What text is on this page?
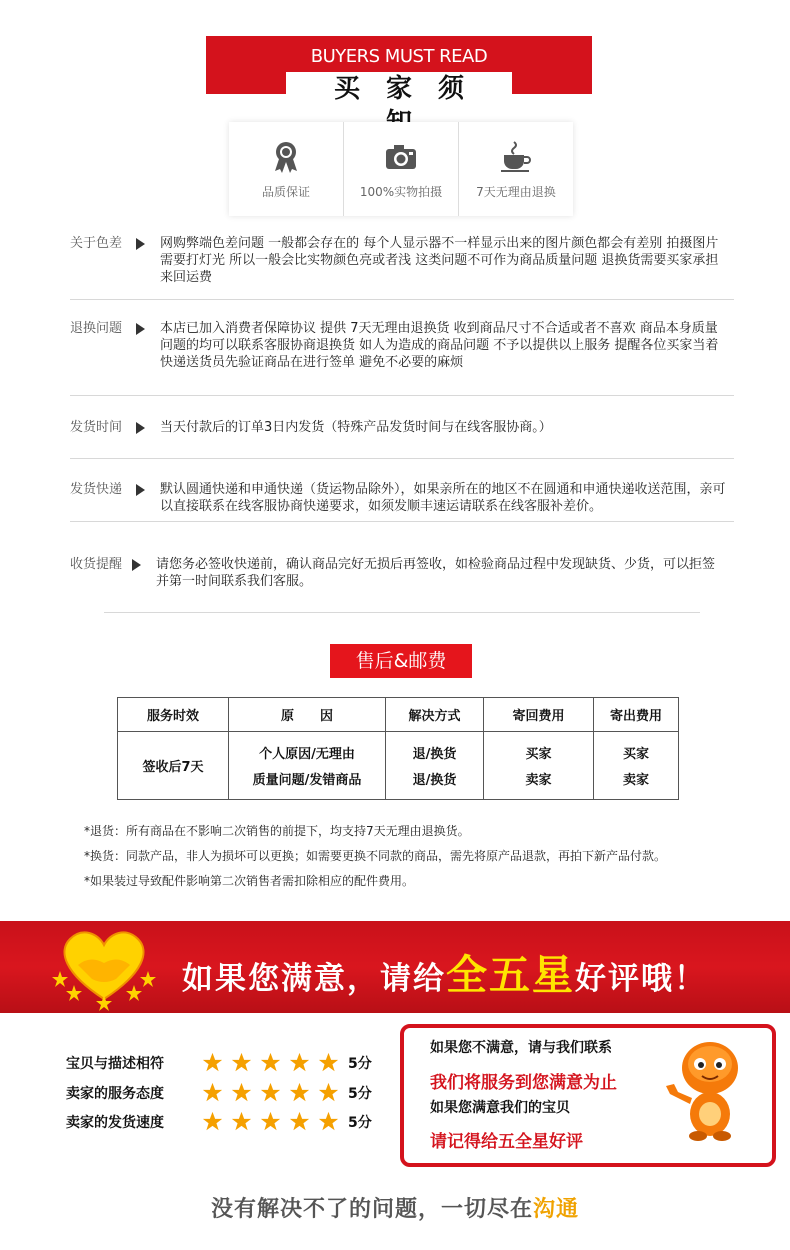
BUYERS MUST READ
买家须
品质保证	100%实物拍摄	7天无理由退换
关于色差	网购弊端色差问题 一般都会存在的 每个人显示器不一样显示出来的图片颜色都会有差别 拍摄图片
需要打灯光 所以一般会比实物颜色亮或者浅 这类问题不可作为商品质量问题 退换货需要买家承担
来回运费
退换问题	本店已加入消费者保障协议 提供 7天无理由退换货 收到商品尺寸不合适或者不喜欢 商品本身质量
问题的均可以联系客服协商退换货 如人为造成的商品问题 不予以提供以上服务 提醒各位买家当着
快递送货员先验证商品在进行签单 避免不必要的麻烦
发货时间	当天付款后的订单3日内发货（特殊产品发货时间与在线客服协商。）
发货快递	默认圆通快递和申通快递（货运物品除外），如果亲所在的地区不在圆通和申通快递收送范围，亲可
以直接联系在线客服协商快递要求，如须发顺丰速运请联系在线客服补差价。
收货提醒	请您务必签收快递前，确认商品完好无损后再签收，如检验商品过程中发现缺货、少货，可以拒签
并第一时间联系我们客服。
售后&邮费
服务时效	原　　因	解决方式	寄回费用	寄出费用
签收后7天	个人原因/无理由	退/换货	买家	买家
	质量问题/发错商品	退/换货	卖家	卖家
*退货：所有商品在不影响二次销售的前提下，均支持7天无理由退换货。
*换货：同款产品，非人为损坏可以更换；如需要更换不同款的商品，需先将原产品退款，再拍下新产品付款。
*如果装过导致配件影响第二次销售者需扣除相应的配件费用。
如果您满意，请给全五星好评哦！
宝贝与描述相符	5分
卖家的服务态度	5分
卖家的发货速度	5分
如果您不满意，请与我们联系
我们将服务到您满意为止
如果您满意我们的宝贝
请记得给五全星好评
没有解决不了的问题，一切尽在沟通
